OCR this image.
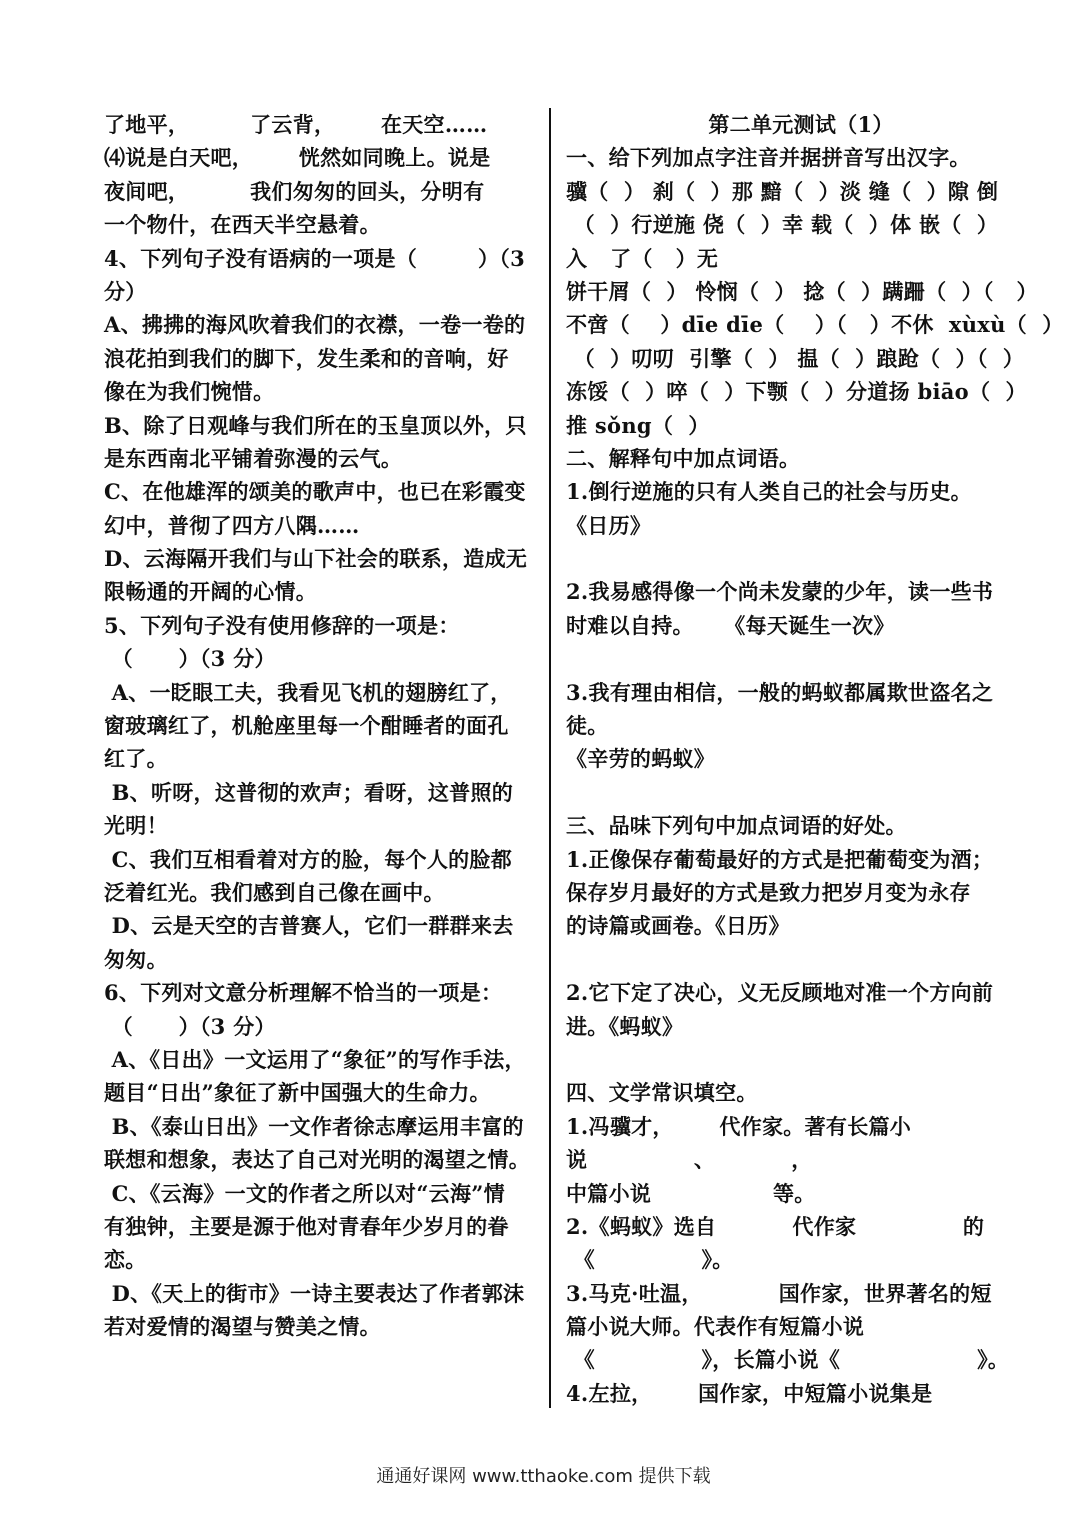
了地平，        了云背，      在天空……
⑷说是白天吧，      恍然如同晚上。说是
夜间吧，        我们匆匆的回头，分明有
一个物什，在西天半空悬着。
4、下列句子没有语病的一项是（        ）（3
分）
A、拂拂的海风吹着我们的衣襟，一卷一卷的
浪花拍到我们的脚下，发生柔和的音响，好
像在为我们惋惜。
B、除了日观峰与我们所在的玉皇顶以外，只
是东西南北平铺着弥漫的云气。
C、在他雄浑的颂美的歌声中，也已在彩霞变
幻中，普彻了四方八隅……
D、云海隔开我们与山下社会的联系，造成无
限畅通的开阔的心情。
5、下列句子没有使用修辞的一项是：
（      ）（3 分）
A、一眨眼工夫，我看见飞机的翅膀红了，
窗玻璃红了，机舱座里每一个酣睡者的面孔
红了。
B、听呀，这普彻的欢声；看呀，这普照的
光明！
C、我们互相看着对方的脸，每个人的脸都
泛着红光。我们感到自己像在画中。
D、云是天空的吉普赛人，它们一群群来去
匆匆。
6、下列对文意分析理解不恰当的一项是：
（      ）（3 分）
A、《日出》一文运用了“象征”的写作手法，
题目“日出”象征了新中国强大的生命力。
B、《泰山日出》一文作者徐志摩运用丰富的
联想和想象，表达了自己对光明的渴望之情。
C、《云海》一文的作者之所以对“云海”情
有独钟，主要是源于他对青春年少岁月的眷
恋。
D、《天上的街市》一诗主要表达了作者郭沫
若对爱情的渴望与赞美之情。
第二单元测试（1）
一、给下列加点字注音并据拼音写出汉字。
骥（  ） 刹（  ）那 黯（  ）淡 缝（  ）隙 倒
（  ）行逆施 侥（  ）幸 载（  ）体 嵌（  ）
入   了（   ）无
饼干屑（  ） 怜悯（  ） 捻（  ）蹒跚（  ）（   ）
不啻（    ）dīe dīe（    ）（   ）不休  xùxù（  ）
（  ）叨叨  引擎（  ） 揾（  ）踉跄（  ）（  ）
冻馁（  ）啐（  ）下颚（  ）分道扬 biāo（  ）
推 sǒng（  ）
二、解释句中加点词语。
1.倒行逆施的只有人类自己的社会与历史。
《日历》
2.我易感得像一个尚未发蒙的少年，读一些书
时难以自持。    《每天诞生一次》
3.我有理由相信，一般的蚂蚁都属欺世盗名之
徒。
《辛劳的蚂蚁》
三、品味下列句中加点词语的好处。
1.正像保存葡萄最好的方式是把葡萄变为酒；
保存岁月最好的方式是致力把岁月变为永存
的诗篇或画卷。《日历》
2.它下定了决心，义无反顾地对准一个方向前
进。《蚂蚁》
四、文学常识填空。
1.冯骥才，      代作家。著有长篇小
说              、          ，
中篇小说                等。
2.《蚂蚁》选自          代作家              的
《              》。
3.马克·吐温，          国作家，世界著名的短
篇小说大师。代表作有短篇小说
《              》，长篇小说《                  》。
4.左拉，      国作家，中短篇小说集是
通通好课网 www.tthaoke.com 提供下载
